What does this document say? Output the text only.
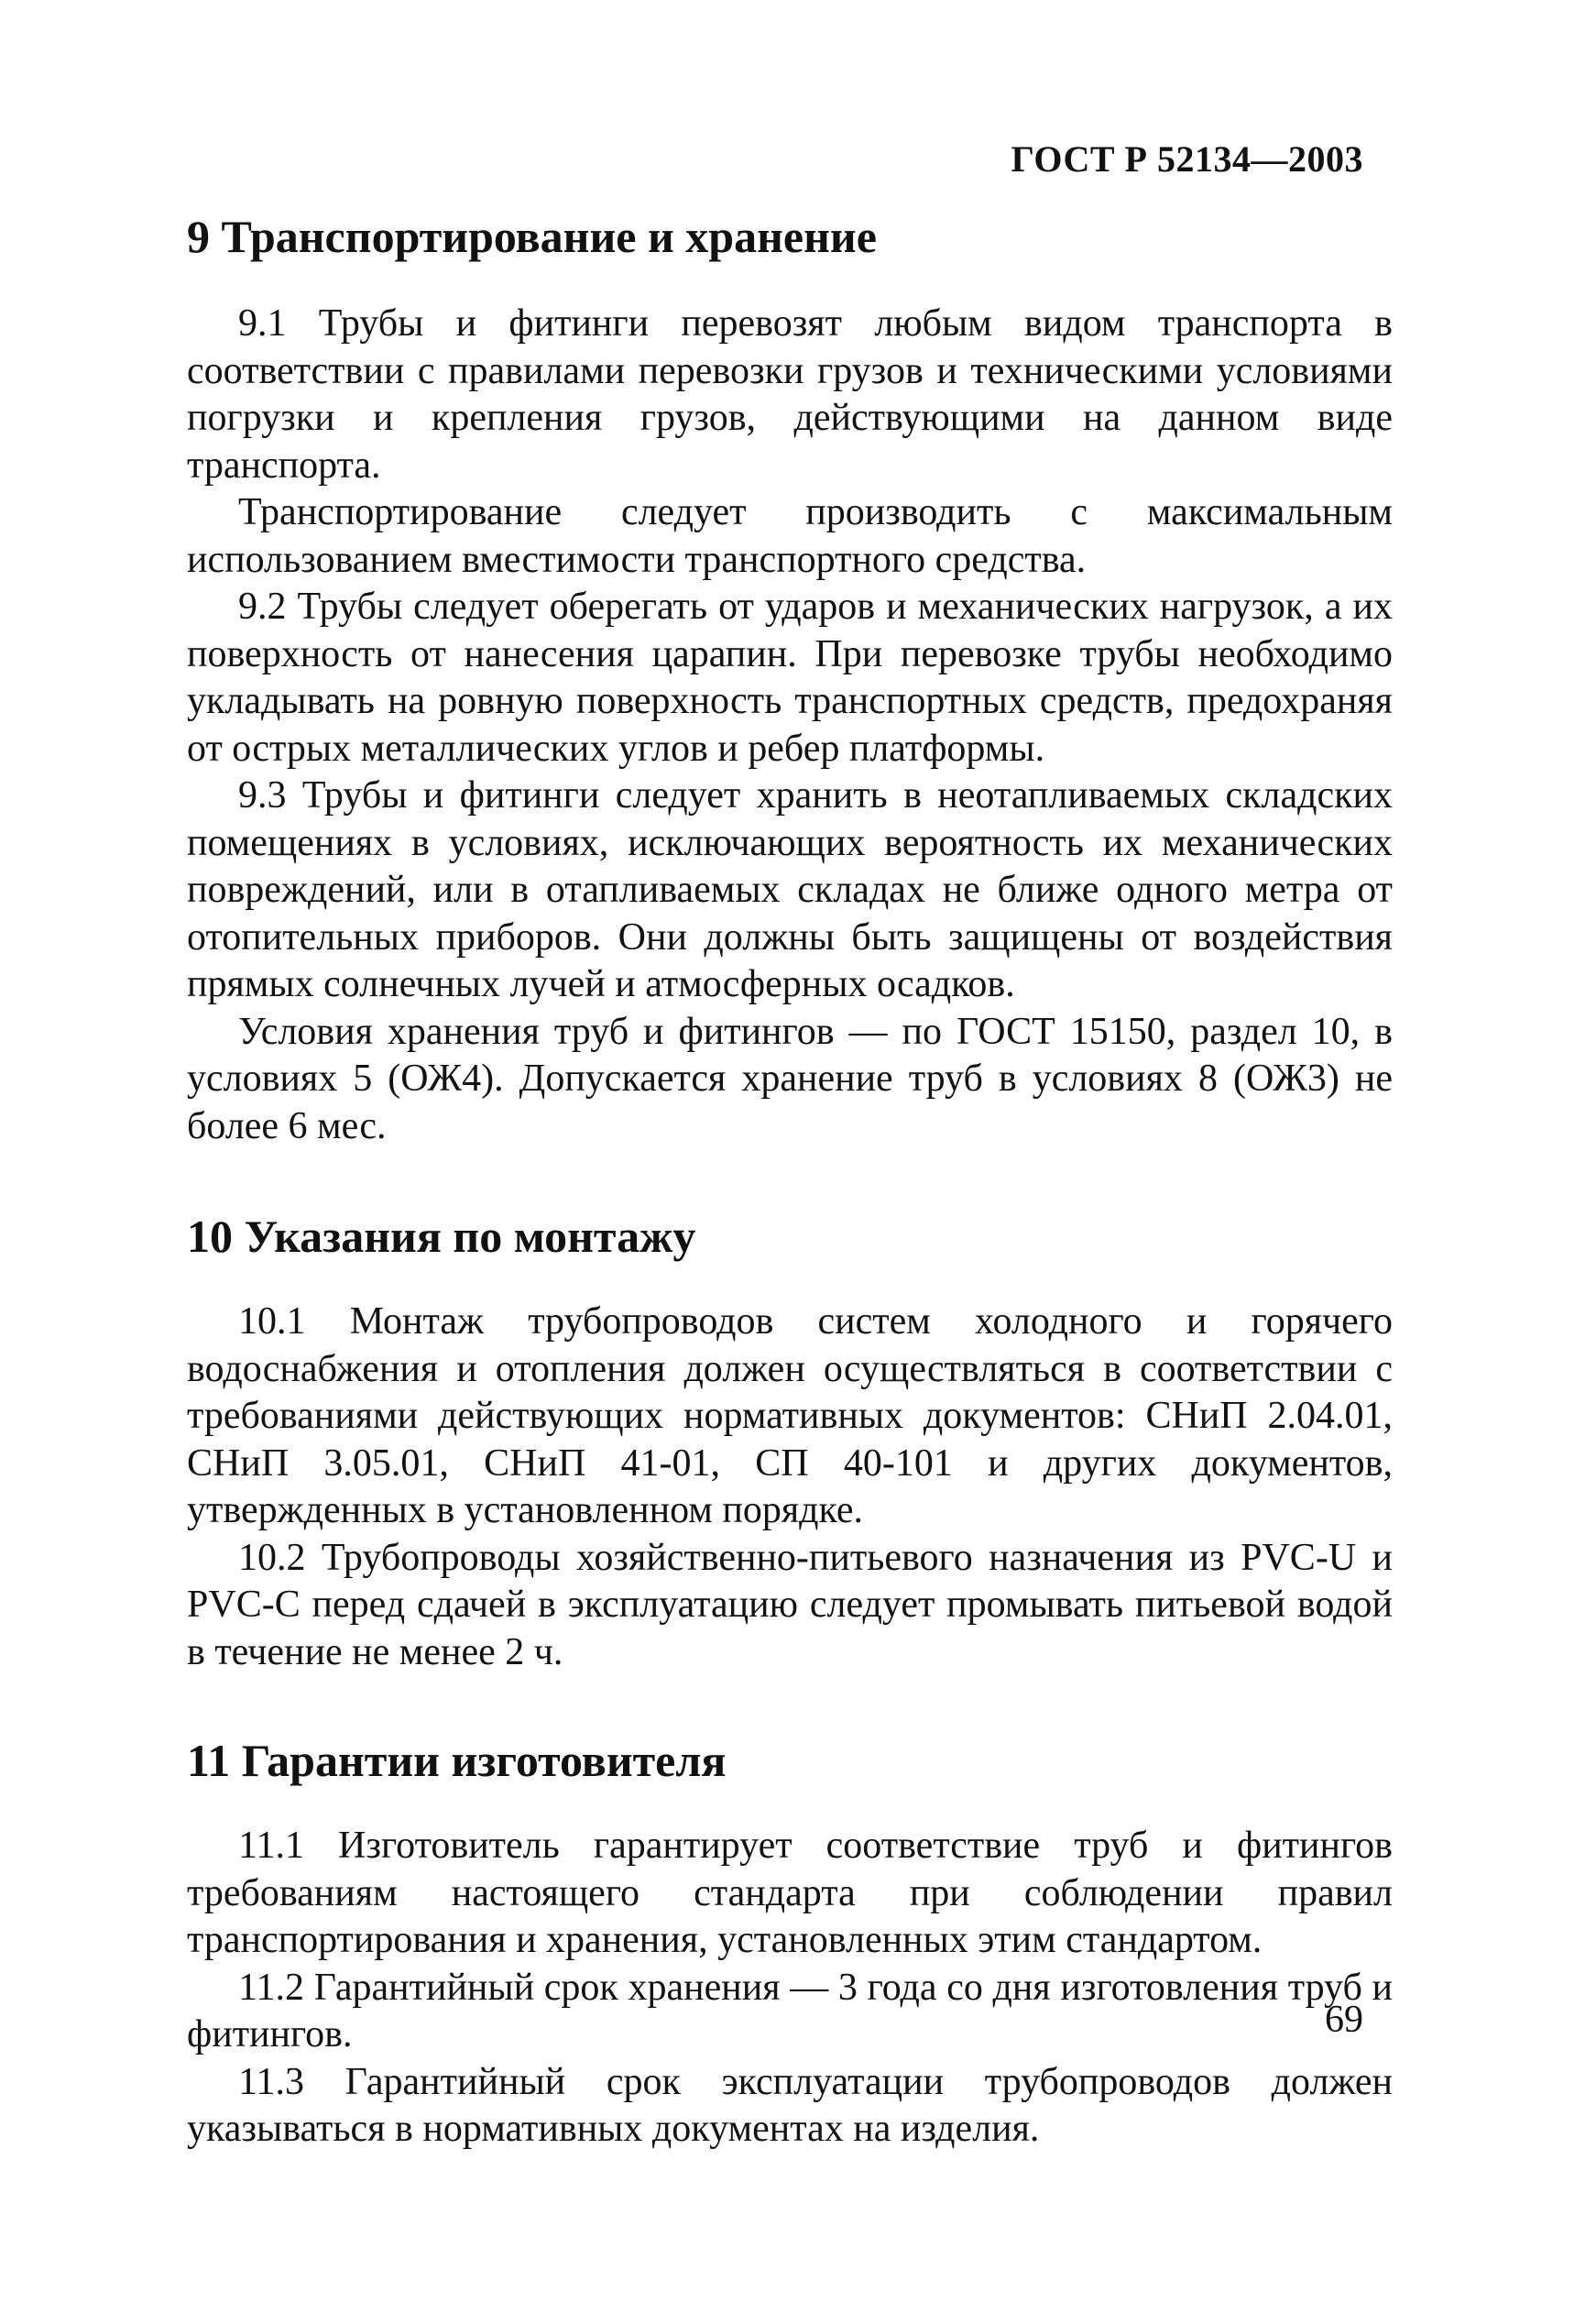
ГОСТ Р 52134—2003
9 Транспортирование и хранение

9.1 Трубы и фитинги перевозят любым видом транспорта в соответствии с правилами перевозки грузов и техническими условиями погрузки и крепления грузов, действующими на данном виде транспорта.

Транспортирование следует производить с максимальным использованием вместимости транспортного средства.

9.2 Трубы следует оберегать от ударов и механических нагрузок, а их поверхность от нанесения царапин. При перевозке трубы необходимо укладывать на ровную поверхность транспортных средств, предохраняя от острых металлических углов и ребер платформы.

9.3 Трубы и фитинги следует хранить в неотапливаемых складских помещениях в условиях, исключающих вероятность их механических повреждений, или в отапливаемых складах не ближе одного метра от отопительных приборов. Они должны быть защищены от воздействия прямых солнечных лучей и атмосферных осадков.

Условия хранения труб и фитингов — по ГОСТ 15150, раздел 10, в условиях 5 (ОЖ4). Допускается хранение труб в условиях 8 (ОЖ3) не более 6 мес.

10 Указания по монтажу

10.1 Монтаж трубопроводов систем холодного и горячего водоснабжения и отопления должен осуществляться в соответствии с требованиями действующих нормативных документов: СНиП 2.04.01, СНиП 3.05.01, СНиП 41-01, СП 40-101 и других документов, утвержденных в установленном порядке.

10.2 Трубопроводы хозяйственно-питьевого назначения из PVC-U и PVC-C перед сдачей в эксплуатацию следует промывать питьевой водой в течение не менее 2 ч.

11 Гарантии изготовителя

11.1 Изготовитель гарантирует соответствие труб и фитингов требованиям настоящего стандарта при соблюдении правил транспортирования и хранения, установленных этим стандартом.

11.2 Гарантийный срок хранения — 3 года со дня изготовления труб и фитингов.

11.3 Гарантийный срок эксплуатации трубопроводов должен указываться в нормативных документах на изделия.

69
